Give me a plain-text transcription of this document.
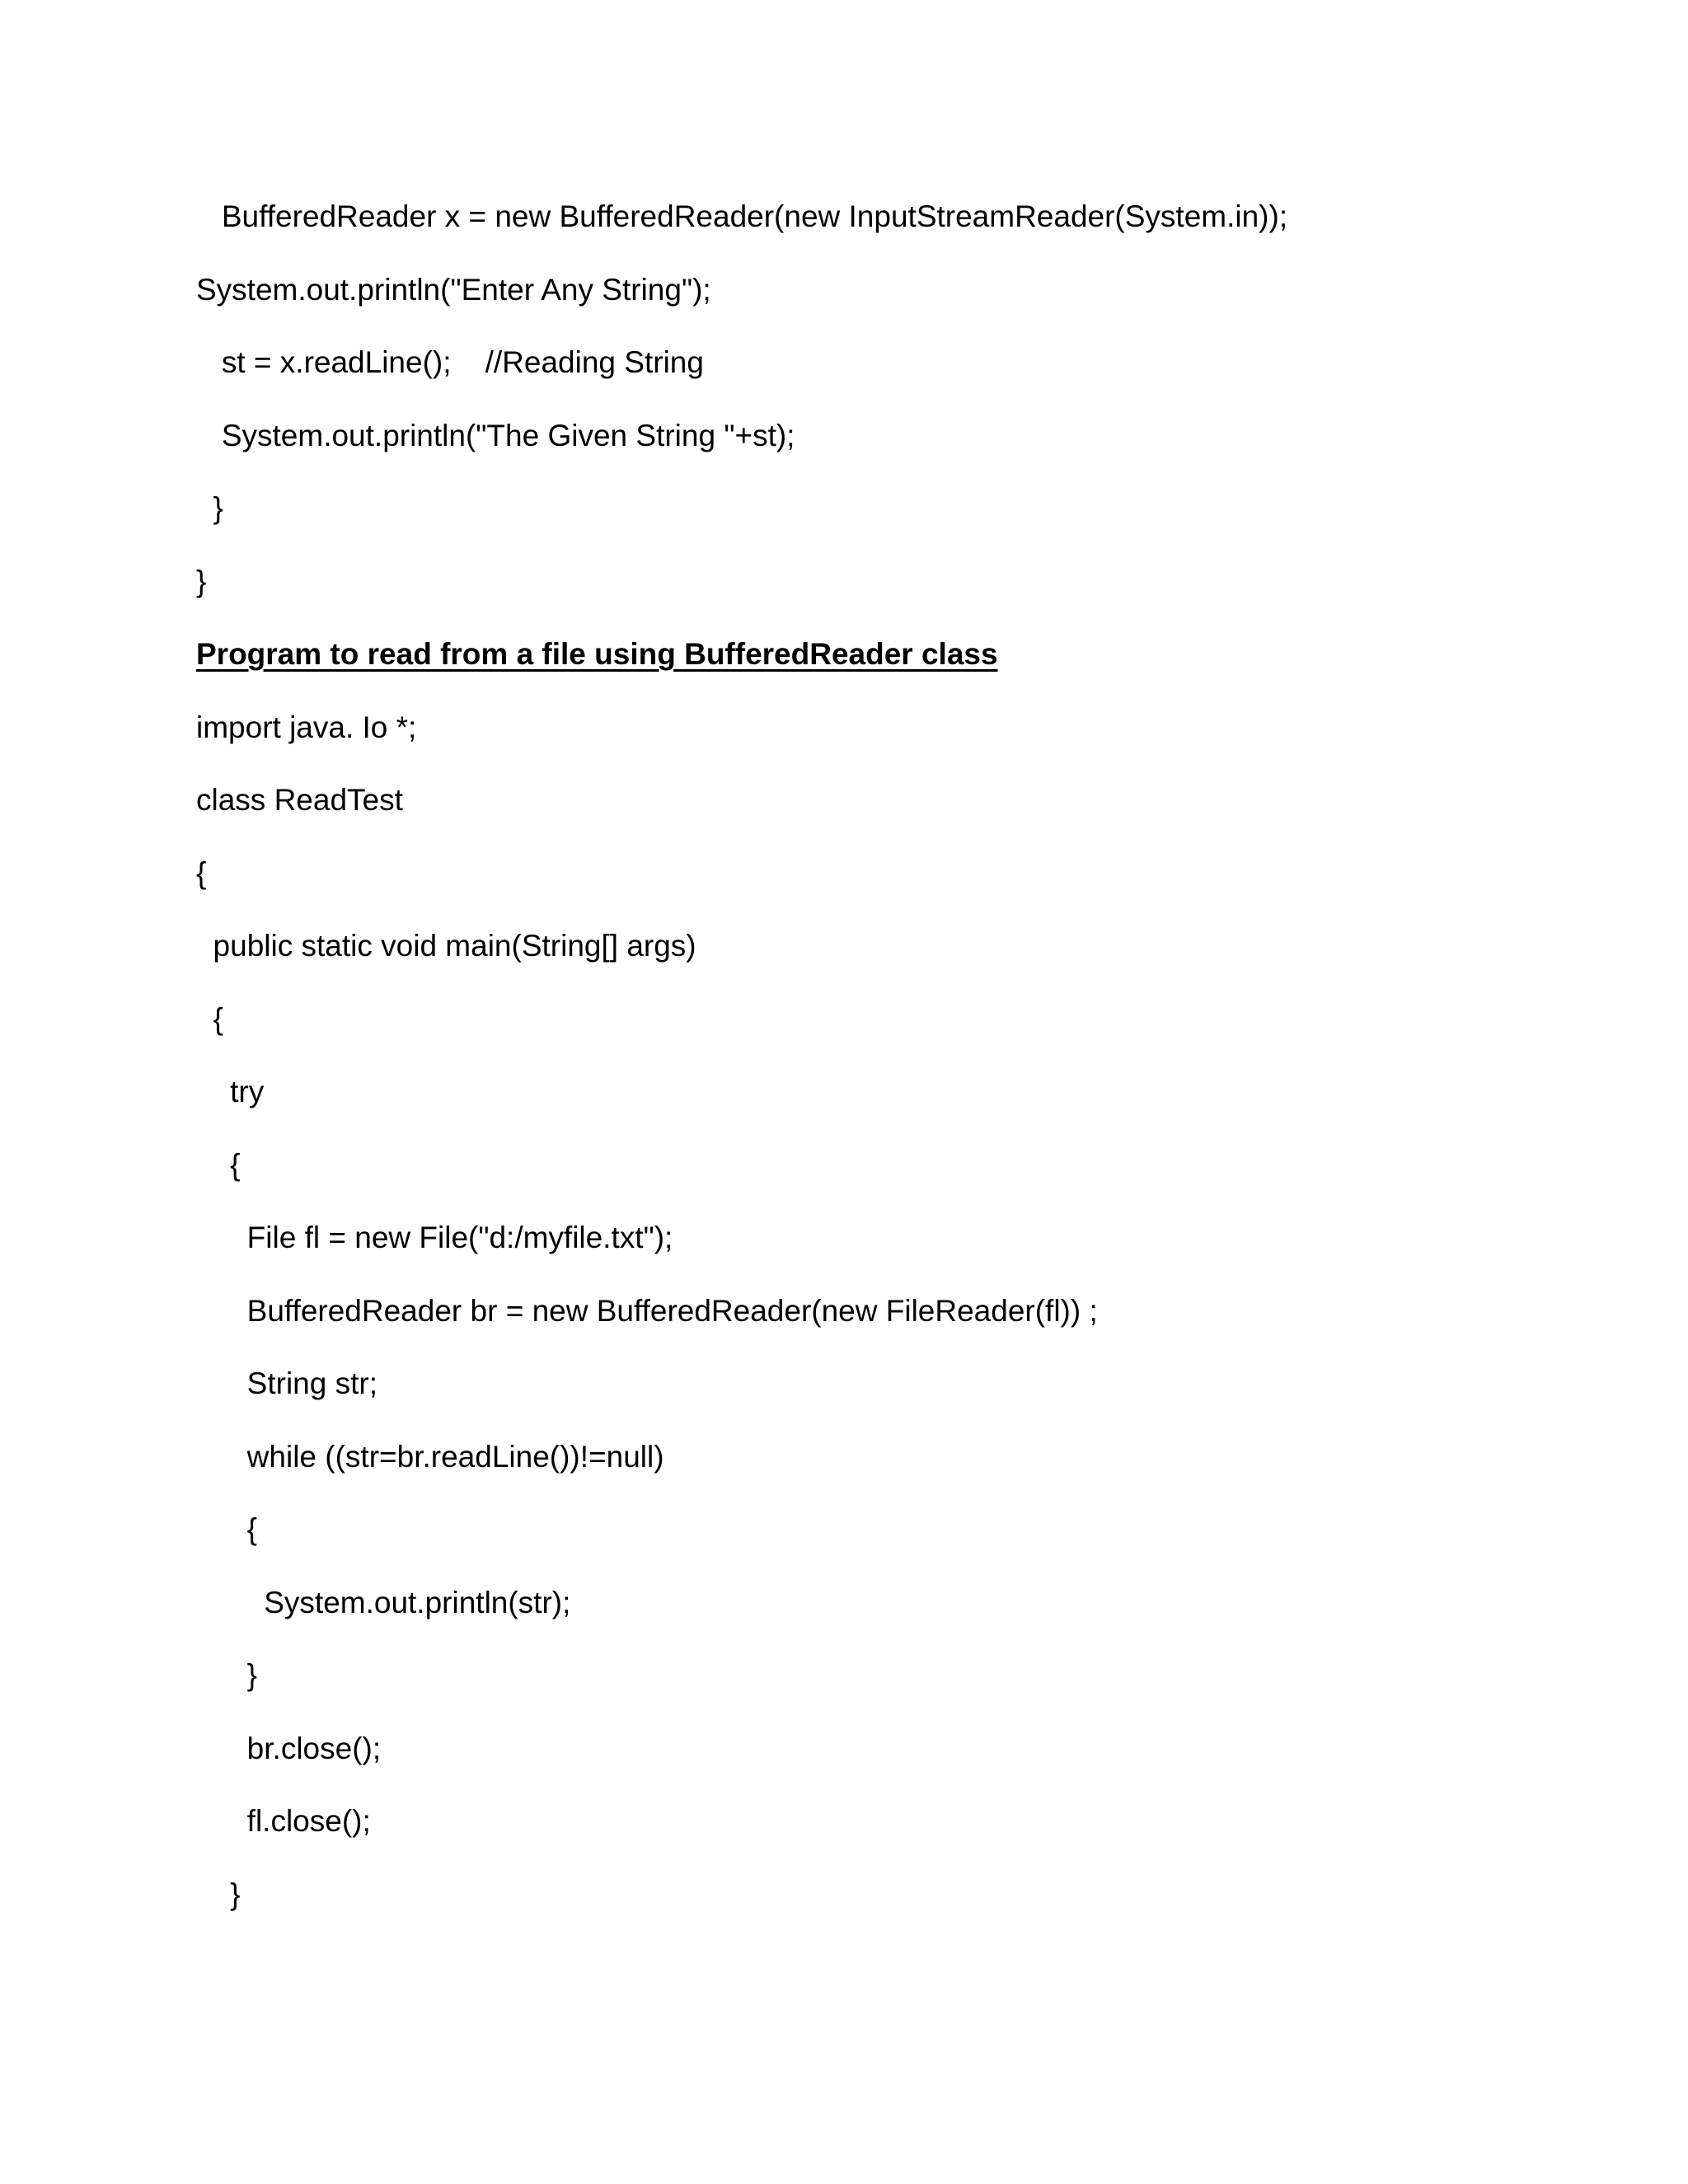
BufferedReader x = new BufferedReader(new InputStreamReader(System.in));
System.out.println("Enter Any String");
st = x.readLine();    //Reading String
System.out.println("The Given String "+st);
}
}
Program to read from a file using BufferedReader class
import java. Io *;
class ReadTest
{
public static void main(String[] args)
{
try
{
File fl = new File("d:/myfile.txt");
BufferedReader br = new BufferedReader(new FileReader(fl)) ;
String str;
while ((str=br.readLine())!=null)
{
System.out.println(str);
}
br.close();
fl.close();
}
